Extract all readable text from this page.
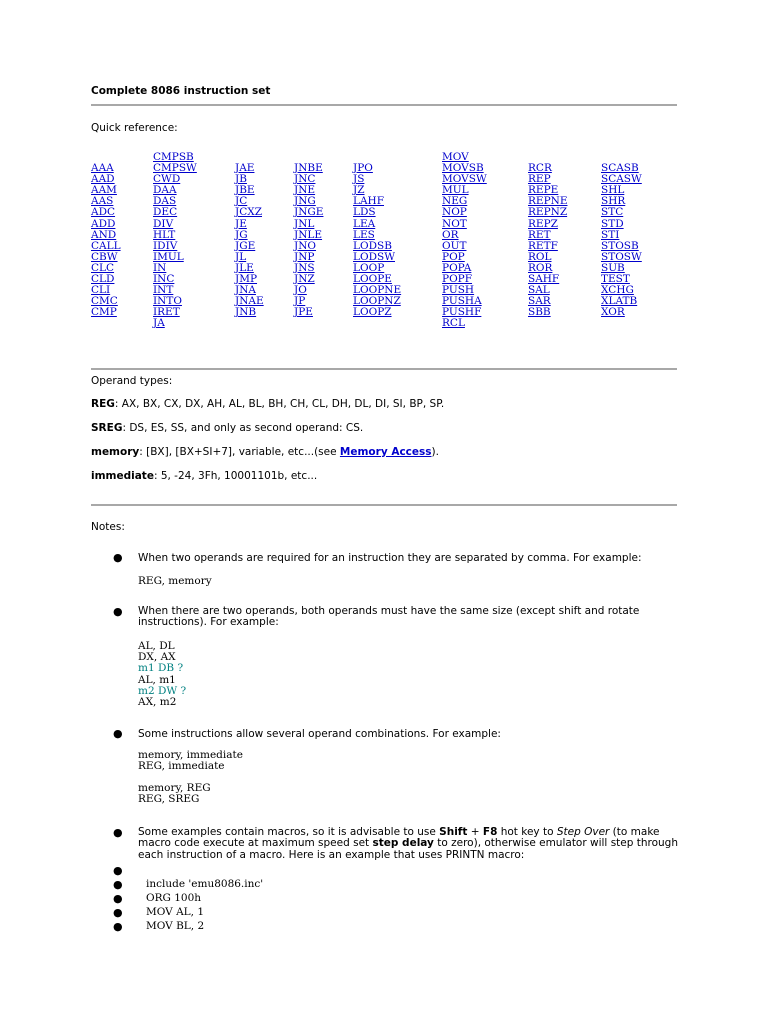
Complete 8086 instruction set
Quick reference:
AAA
AAD
AAM
AAS
ADC
ADD
AND
CALL
CBW
CLC
CLD
CLI
CMC
CMP
CMPSB
CMPSW
CWD
DAA
DAS
DEC
DIV
HLT
IDIV
IMUL
IN
INC
INT
INTO
IRET
JA
JAE
JB
JBE
JC
JCXZ
JE
JG
JGE
JL
JLE
JMP
JNA
JNAE
JNB
JNBE
JNC
JNE
JNG
JNGE
JNL
JNLE
JNO
JNP
JNS
JNZ
JO
JP
JPE
JPO
JS
JZ
LAHF
LDS
LEA
LES
LODSB
LODSW
LOOP
LOOPE
LOOPNE
LOOPNZ
LOOPZ
MOV
MOVSB
MOVSW
MUL
NEG
NOP
NOT
OR
OUT
POP
POPA
POPF
PUSH
PUSHA
PUSHF
RCL
RCR
REP
REPE
REPNE
REPNZ
REPZ
RET
RETF
ROL
ROR
SAHF
SAL
SAR
SBB
SCASB
SCASW
SHL
SHR
STC
STD
STI
STOSB
STOSW
SUB
TEST
XCHG
XLATB
XOR
Operand types:
REG: AX, BX, CX, DX, AH, AL, BL, BH, CH, CL, DH, DL, DI, SI, BP, SP.
SREG: DS, ES, SS, and only as second operand: CS.
memory: [BX], [BX+SI+7], variable, etc...(see Memory Access).
immediate: 5, -24, 3Fh, 10001101b, etc...
Notes:
● When two operands are required for an instruction they are separated by comma. For example:
REG, memory
● When there are two operands, both operands must have the same size (except shift and rotate instructions). For example:
AL, DL
DX, AX
m1 DB ?
AL, m1
m2 DW ?
AX, m2
● Some instructions allow several operand combinations. For example:
memory, immediate
REG, immediate
memory, REG
REG, SREG
● Some examples contain macros, so it is advisable to use Shift + F8 hot key to Step Over (to make macro code execute at maximum speed set step delay to zero), otherwise emulator will step through each instruction of a macro. Here is an example that uses PRINTN macro:
●
● include 'emu8086.inc'
● ORG 100h
● MOV AL, 1
● MOV BL, 2
